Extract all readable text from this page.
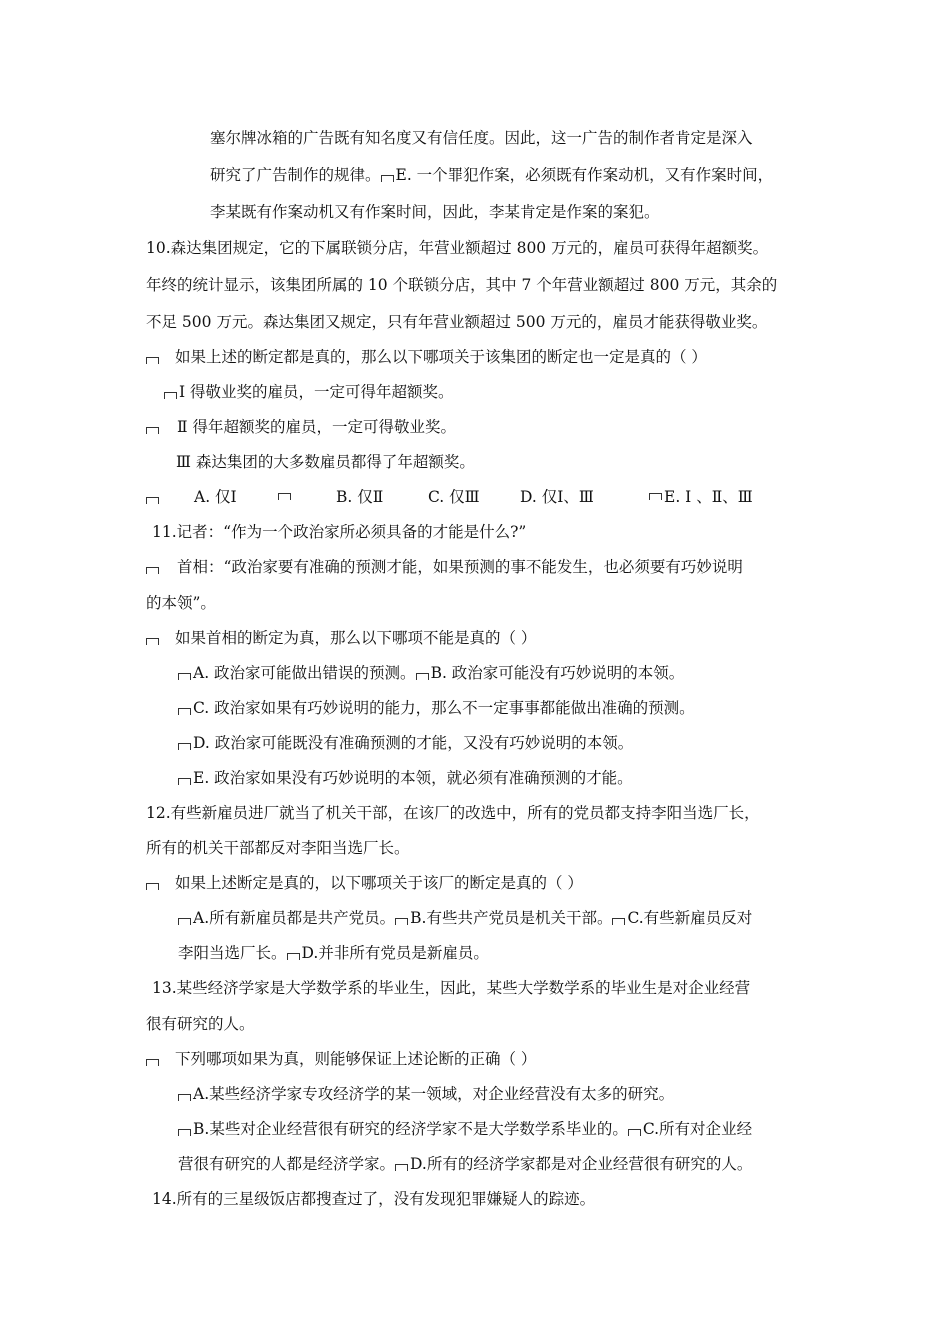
塞尔牌冰箱的广告既有知名度又有信任度。因此，这一广告的制作者肯定是深入
研究了广告制作的规律。 E. 一个罪犯作案，必须既有作案动机，又有作案时间，
李某既有作案动机又有作案时间，因此，李某肯定是作案的案犯。
10.森达集团规定，它的下属联锁分店，年营业额超过 800 万元的，雇员可获得年超额奖。
年终的统计显示，该集团所属的 10 个联锁分店，其中 7 个年营业额超过 800 万元，其余的
不足 500 万元。森达集团又规定，只有年营业额超过 500 万元的，雇员才能获得敬业奖。
如果上述的断定都是真的，那么以下哪项关于该集团的断定也一定是真的（ ）
Ⅰ 得敬业奖的雇员，一定可得年超额奖。
Ⅱ 得年超额奖的雇员，一定可得敬业奖。
Ⅲ 森达集团的大多数雇员都得了年超额奖。
A. 仅Ⅰ	B. 仅Ⅱ	C. 仅Ⅲ	D. 仅Ⅰ、Ⅲ	E. Ⅰ 、Ⅱ、Ⅲ
11.记者：“作为一个政治家所必须具备的才能是什么?”
首相：“政治家要有准确的预测才能，如果预测的事不能发生，也必须要有巧妙说明
的本领”。
如果首相的断定为真，那么以下哪项不能是真的（ ）
A. 政治家可能做出错误的预测。 B. 政治家可能没有巧妙说明的本领。
C. 政治家如果有巧妙说明的能力，那么不一定事事都能做出准确的预测。
D. 政治家可能既没有准确预测的才能，又没有巧妙说明的本领。
E. 政治家如果没有巧妙说明的本领，就必须有准确预测的才能。
12.有些新雇员进厂就当了机关干部，在该厂的改选中，所有的党员都支持李阳当选厂长，
所有的机关干部都反对李阳当选厂长。
如果上述断定是真的，以下哪项关于该厂的断定是真的（ ）
A.所有新雇员都是共产党员。 B.有些共产党员是机关干部。 C.有些新雇员反对
李阳当选厂长。 D.并非所有党员是新雇员。
13.某些经济学家是大学数学系的毕业生，因此，某些大学数学系的毕业生是对企业经营
很有研究的人。
下列哪项如果为真，则能够保证上述论断的正确（ ）
A.某些经济学家专攻经济学的某一领域，对企业经营没有太多的研究。
B.某些对企业经营很有研究的经济学家不是大学数学系毕业的。 C.所有对企业经
营很有研究的人都是经济学家。 D.所有的经济学家都是对企业经营很有研究的人。
14.所有的三星级饭店都搜查过了，没有发现犯罪嫌疑人的踪迹。
